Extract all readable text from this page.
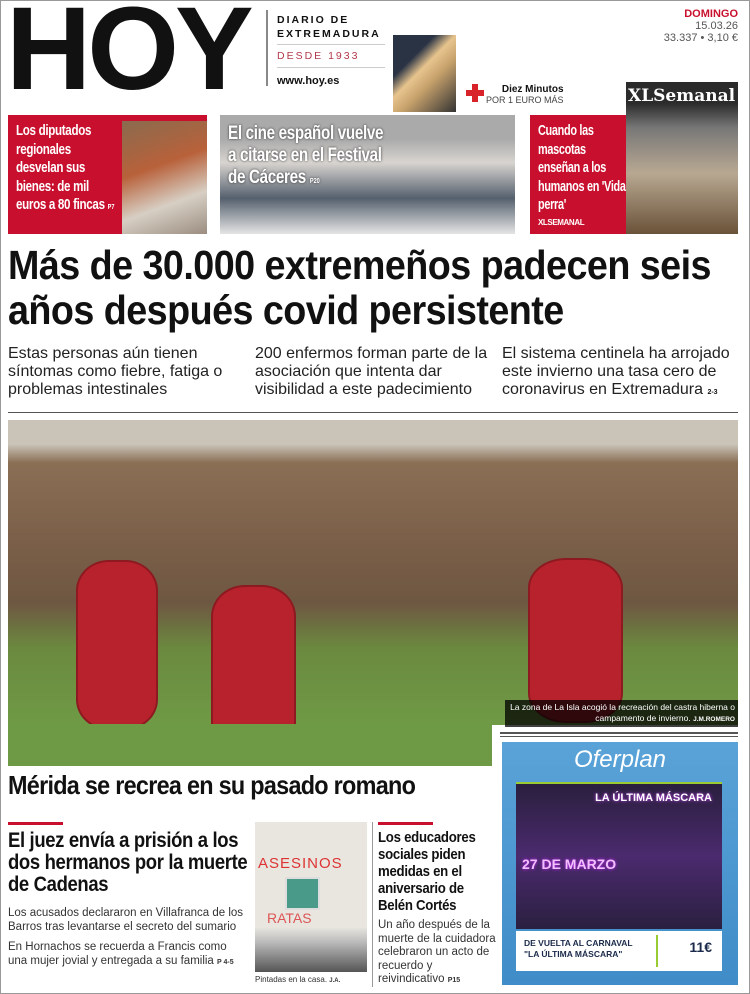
HOY	DIARIO DE
EXTREMADURA
DESDE 1933
www.hoy.es
DOMINGO
15.03.26
33.337 • 3,10 €
Diez Minutos
POR 1 EURO MÁS	XLSemanal
Los diputados regionales desvelan sus bienes: de mil euros a 80 fincas P7
El cine español vuelve a citarse en el Festival de Cáceres P20
Cuando las mascotas enseñan a los humanos en 'Vida perra'
XLSEMANAL
Más de 30.000 extremeños padecen seis años después covid persistente
Estas personas aún tienen síntomas como fiebre, fatiga o problemas intestinales
200 enfermos forman parte de la asociación que intenta dar visibilidad a este padecimiento
El sistema centinela ha arrojado este invierno una tasa cero de coronavirus en Extremadura 2-3
La zona de La Isla acogió la recreación del castra hiberna o campamento de invierno. J.M.ROMERO
Mérida se recrea en su pasado romano
Oferplan
LA ÚLTIMA MÁSCARA
27 DE MARZO
DE VUELTA AL CARNAVAL
"LA ÚLTIMA MÁSCARA"	11€
El juez envía a prisión a los dos hermanos por la muerte de Cadenas

Los acusados declararon en Villafranca de los Barros tras levantarse el secreto del sumario

En Hornachos se recuerda a Francis como una mujer jovial y entregada a su familia P 4-5

ASESINOS
RATAS
Pintadas en la casa. J.A.
Los educadores sociales piden medidas en el aniversario de Belén Cortés

Un año después de la muerte de la cuidadora celebraron un acto de recuerdo y reivindicativo P15
